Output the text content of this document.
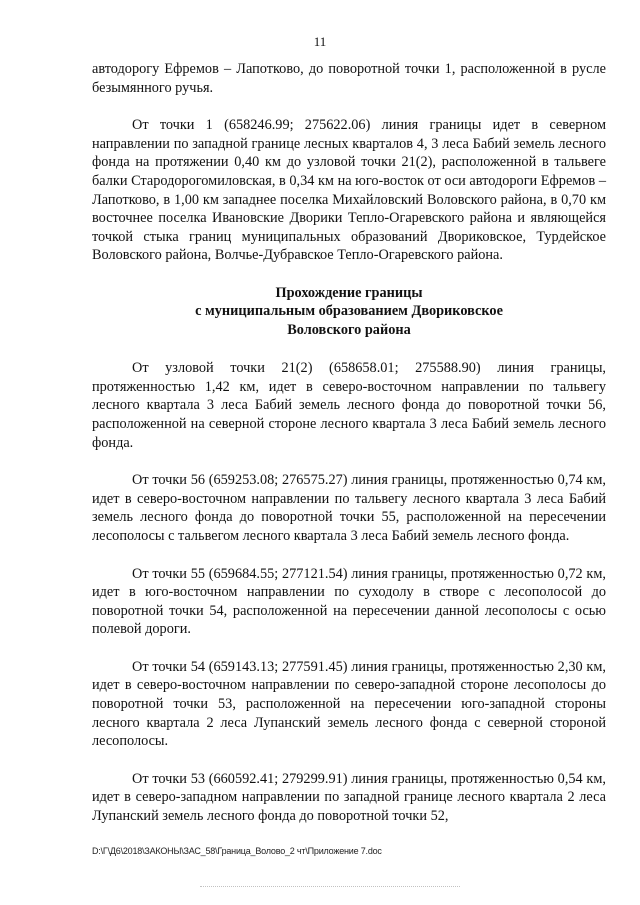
11

автодорогу Ефремов – Лапотково, до поворотной точки 1, расположенной в русле безымянного ручья.

От точки 1 (658246.99; 275622.06) линия границы идет в северном направлении по западной границе лесных кварталов 4, 3 леса Бабий земель лесного фонда на протяжении 0,40 км до узловой точки 21(2), расположенной в тальвеге балки Стародорогомиловская, в 0,34 км на юго-восток от оси автодороги Ефремов – Лапотково, в 1,00 км западнее поселка Михайловский Воловского района, в 0,70 км восточнее поселка Ивановские Дворики Тепло-Огаревского района и являющейся точкой стыка границ муниципальных образований Двориковское, Турдейское Воловского района, Волчье-Дубравское Тепло-Огаревского района.

Прохождение границы
с муниципальным образованием Двориковское
Воловского района

От узловой точки 21(2) (658658.01; 275588.90) линия границы, протяженностью 1,42 км, идет в северо-восточном направлении по тальвегу лесного квартала 3 леса Бабий земель лесного фонда до поворотной точки 56, расположенной на северной стороне лесного квартала 3 леса Бабий земель лесного фонда.

От точки 56 (659253.08; 276575.27) линия границы, протяженностью 0,74 км, идет в северо-восточном направлении по тальвегу лесного квартала 3 леса Бабий земель лесного фонда до поворотной точки 55, расположенной на пересечении лесополосы с тальвегом лесного квартала 3 леса Бабий земель лесного фонда.

От точки 55 (659684.55; 277121.54) линия границы, протяженностью 0,72 км, идет в юго-восточном направлении по суходолу в створе с лесополосой до поворотной точки 54, расположенной на пересечении данной лесополосы с осью полевой дороги.

От точки 54 (659143.13; 277591.45) линия границы, протяженностью 2,30 км, идет в северо-восточном направлении по северо-западной стороне лесополосы до поворотной точки 53, расположенной на пересечении юго-западной стороны лесного квартала 2 леса Лупанский земель лесного фонда с северной стороной лесополосы.

От точки 53 (660592.41; 279299.91) линия границы, протяженностью 0,54 км, идет в северо-западном направлении по западной границе лесного квартала 2 леса Лупанский земель лесного фонда до поворотной точки 52,

D:\Г\Д6\2018\ЗАКОНЫ\ЗАС_58\Граница_Волово_2 чт\Приложение 7.doc
